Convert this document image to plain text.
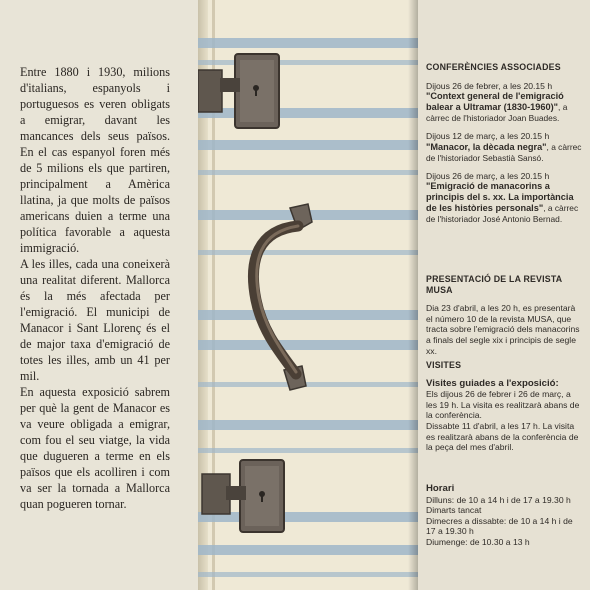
Entre 1880 i 1930, milions d'italians, espanyols i portuguesos es veren obligats a emigrar, davant les mancances dels seus països. En el cas espanyol foren més de 5 milions els que partiren, principalment a Amèrica llatina, ja que molts de països americans duien a terme una política favorable a aquesta immigració.

A les illes, cada una coneixerà una realitat diferent. Mallorca és la més afectada per l'emigració. El municipi de Manacor i Sant Llorenç és el de major taxa d'emigració de totes les illes, amb un 41 per mil.

En aquesta exposició sabrem per què la gent de Manacor es va veure obligada a emigrar, com fou el seu viatge, la vida que dugueren a terme en els països que els acolliren i com va ser la tornada a Mallorca quan pogueren tornar.

CONFERÈNCIES ASSOCIADES
Dijous 26 de febrer, a les 20.15 h
"Context general de l'emigració balear a Ultramar (1830-1960)", a càrrec de l'historiador Joan Buades.
Dijous 12 de març, a les 20.15 h
"Manacor, la dècada negra", a càrrec de l'historiador Sebastià Sansó.
Dijous 26 de març, a les 20.15 h
"Emigració de manacorins a principis del s. xx. La importància de les històries personals", a càrrec de l'historiador José Antonio Bernad.
PRESENTACIÓ DE LA REVISTA MUSA

Dia 23 d'abril, a les 20 h, es presentarà el número 10 de la revista MUSA, que tracta sobre l'emigració dels manacorins a finals del segle xix i principis de segle xx.

VISITES
Visites guiades a l'exposició:

Els dijous 26 de febrer i 26 de març, a les 19 h. La visita es realitzarà abans de la conferència.

Dissabte 11 d'abril, a les 17 h. La visita es realitzarà abans de la conferència de la peça del mes d'abril.

Horari

Dilluns: de 10 a 14 h i de 17 a 19.30 h

Dimarts tancat

Dimecres a dissabte: de 10 a 14 h i de 17 a 19.30 h

Diumenge: de 10.30 a 13 h
